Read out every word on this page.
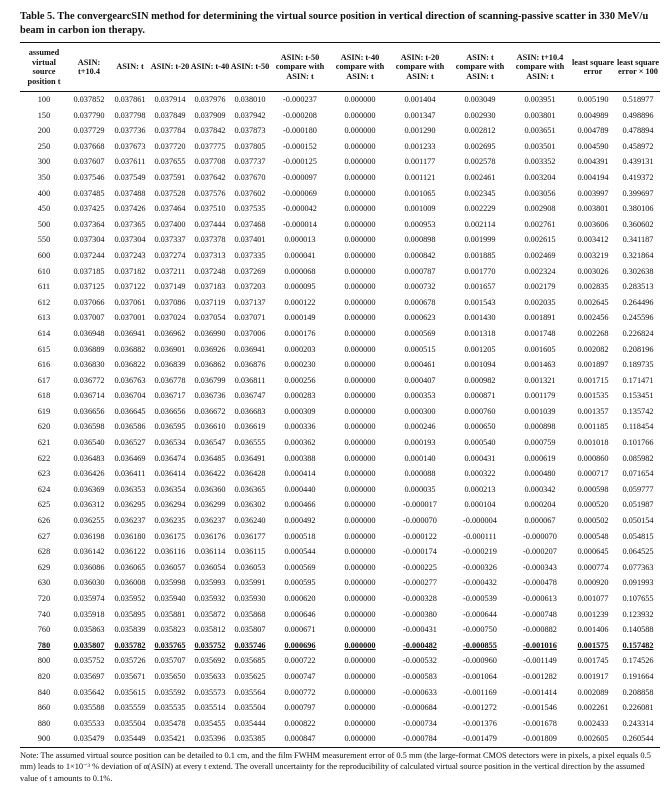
Table 5. The convergearcSIN method for determining the virtual source position in vertical direction of scanning-passive scatter in 330 MeV/u beam in carbon ion therapy.
assumed virtual source position t	ASIN: t+10.4	ASIN: t	ASIN: t-20	ASIN: t-40	ASIN: t-50	ASIN: t-50 compare with ASIN: t	ASIN: t-40 compare with ASIN: t	ASIN: t-20 compare with ASIN: t	ASIN: t compare with ASIN: t	ASIN: t+10.4 compare with ASIN: t	least square error	least square error × 100
100	0.037852	0.037861	0.037914	0.037976	0.038010	-0.000237	0.000000	0.001404	0.003049	0.003951	0.005190	0.518977
150	0.037790	0.037798	0.037849	0.037909	0.037942	-0.000208	0.000000	0.001347	0.002930	0.003801	0.004989	0.498896
200	0.037729	0.037736	0.037784	0.037842	0.037873	-0.000180	0.000000	0.001290	0.002812	0.003651	0.004789	0.478894
250	0.037668	0.037673	0.037720	0.037775	0.037805	-0.000152	0.000000	0.001233	0.002695	0.003501	0.004590	0.458972
300	0.037607	0.037611	0.037655	0.037708	0.037737	-0.000125	0.000000	0.001177	0.002578	0.003352	0.004391	0.439131
350	0.037546	0.037549	0.037591	0.037642	0.037670	-0.000097	0.000000	0.001121	0.002461	0.003204	0.004194	0.419372
400	0.037485	0.037488	0.037528	0.037576	0.037602	-0.000069	0.000000	0.001065	0.002345	0.003056	0.003997	0.399697
450	0.037425	0.037426	0.037464	0.037510	0.037535	-0.000042	0.000000	0.001009	0.002229	0.002908	0.003801	0.380106
500	0.037364	0.037365	0.037400	0.037444	0.037468	-0.000014	0.000000	0.000953	0.002114	0.002761	0.003606	0.360602
550	0.037304	0.037304	0.037337	0.037378	0.037401	0.000013	0.000000	0.000898	0.001999	0.002615	0.003412	0.341187
600	0.037244	0.037243	0.037274	0.037313	0.037335	0.000041	0.000000	0.000842	0.001885	0.002469	0.003219	0.321864
610	0.037185	0.037182	0.037211	0.037248	0.037269	0.000068	0.000000	0.000787	0.001770	0.002324	0.003026	0.302638
611	0.037125	0.037122	0.037149	0.037183	0.037203	0.000095	0.000000	0.000732	0.001657	0.002179	0.002835	0.283513
612	0.037066	0.037061	0.037086	0.037119	0.037137	0.000122	0.000000	0.000678	0.001543	0.002035	0.002645	0.264496
613	0.037007	0.037001	0.037024	0.037054	0.037071	0.000149	0.000000	0.000623	0.001430	0.001891	0.002456	0.245596
614	0.036948	0.036941	0.036962	0.036990	0.037006	0.000176	0.000000	0.000569	0.001318	0.001748	0.002268	0.226824
615	0.036889	0.036882	0.036901	0.036926	0.036941	0.000203	0.000000	0.000515	0.001205	0.001605	0.002082	0.208196
616	0.036830	0.036822	0.036839	0.036862	0.036876	0.000230	0.000000	0.000461	0.001094	0.001463	0.001897	0.189735
617	0.036772	0.036763	0.036778	0.036799	0.036811	0.000256	0.000000	0.000407	0.000982	0.001321	0.001715	0.171471
618	0.036714	0.036704	0.036717	0.036736	0.036747	0.000283	0.000000	0.000353	0.000871	0.001179	0.001535	0.153451
619	0.036656	0.036645	0.036656	0.036672	0.036683	0.000309	0.000000	0.000300	0.000760	0.001039	0.001357	0.135742
620	0.036598	0.036586	0.036595	0.036610	0.036619	0.000336	0.000000	0.000246	0.000650	0.000898	0.001185	0.118454
621	0.036540	0.036527	0.036534	0.036547	0.036555	0.000362	0.000000	0.000193	0.000540	0.000759	0.001018	0.101766
622	0.036483	0.036469	0.036474	0.036485	0.036491	0.000388	0.000000	0.000140	0.000431	0.000619	0.000860	0.085982
623	0.036426	0.036411	0.036414	0.036422	0.036428	0.000414	0.000000	0.000088	0.000322	0.000480	0.000717	0.071654
624	0.036369	0.036353	0.036354	0.036360	0.036365	0.000440	0.000000	0.000035	0.000213	0.000342	0.000598	0.059777
625	0.036312	0.036295	0.036294	0.036299	0.036302	0.000466	0.000000	-0.000017	0.000104	0.000204	0.000520	0.051987
626	0.036255	0.036237	0.036235	0.036237	0.036240	0.000492	0.000000	-0.000070	-0.000004	0.000067	0.000502	0.050154
627	0.036198	0.036180	0.036175	0.036176	0.036177	0.000518	0.000000	-0.000122	-0.000111	-0.000070	0.000548	0.054815
628	0.036142	0.036122	0.036116	0.036114	0.036115	0.000544	0.000000	-0.000174	-0.000219	-0.000207	0.000645	0.064525
629	0.036086	0.036065	0.036057	0.036054	0.036053	0.000569	0.000000	-0.000225	-0.000326	-0.000343	0.000774	0.077363
630	0.036030	0.036008	0.035998	0.035993	0.035991	0.000595	0.000000	-0.000277	-0.000432	-0.000478	0.000920	0.091993
720	0.035974	0.035952	0.035940	0.035932	0.035930	0.000620	0.000000	-0.000328	-0.000539	-0.000613	0.001077	0.107655
740	0.035918	0.035895	0.035881	0.035872	0.035868	0.000646	0.000000	-0.000380	-0.000644	-0.000748	0.001239	0.123932
760	0.035863	0.035839	0.035823	0.035812	0.035807	0.000671	0.000000	-0.000431	-0.000750	-0.000882	0.001406	0.140588
780	0.035807	0.035782	0.035765	0.035752	0.035746	0.000696	0.000000	-0.000482	-0.000855	-0.001016	0.001575	0.157482
800	0.035752	0.035726	0.035707	0.035692	0.035685	0.000722	0.000000	-0.000532	-0.000960	-0.001149	0.001745	0.174526
820	0.035697	0.035671	0.035650	0.035633	0.035625	0.000747	0.000000	-0.000583	-0.001064	-0.001282	0.001917	0.191664
840	0.035642	0.035615	0.035592	0.035573	0.035564	0.000772	0.000000	-0.000633	-0.001169	-0.001414	0.002089	0.208858
860	0.035588	0.035559	0.035535	0.035514	0.035504	0.000797	0.000000	-0.000684	-0.001272	-0.001546	0.002261	0.226081
880	0.035533	0.035504	0.035478	0.035455	0.035444	0.000822	0.000000	-0.000734	-0.001376	-0.001678	0.002433	0.243314
900	0.035479	0.035449	0.035421	0.035396	0.035385	0.000847	0.000000	-0.000784	-0.001479	-0.001809	0.002605	0.260544
Note: The assumed virtual source position can be detailed to 0.1 cm, and the film FWHM measurement error of 0.5 mm (the large-format CMOS detectors were in pixels, a pixel equals 0.5 mm) leads to 1×10⁻³ % deviation of α(ASIN) at every t extend. The overall uncertainty for the reproducibility of calculated virtual source position in the vertical direction by the assumed value of t amounts to 0.1%.
